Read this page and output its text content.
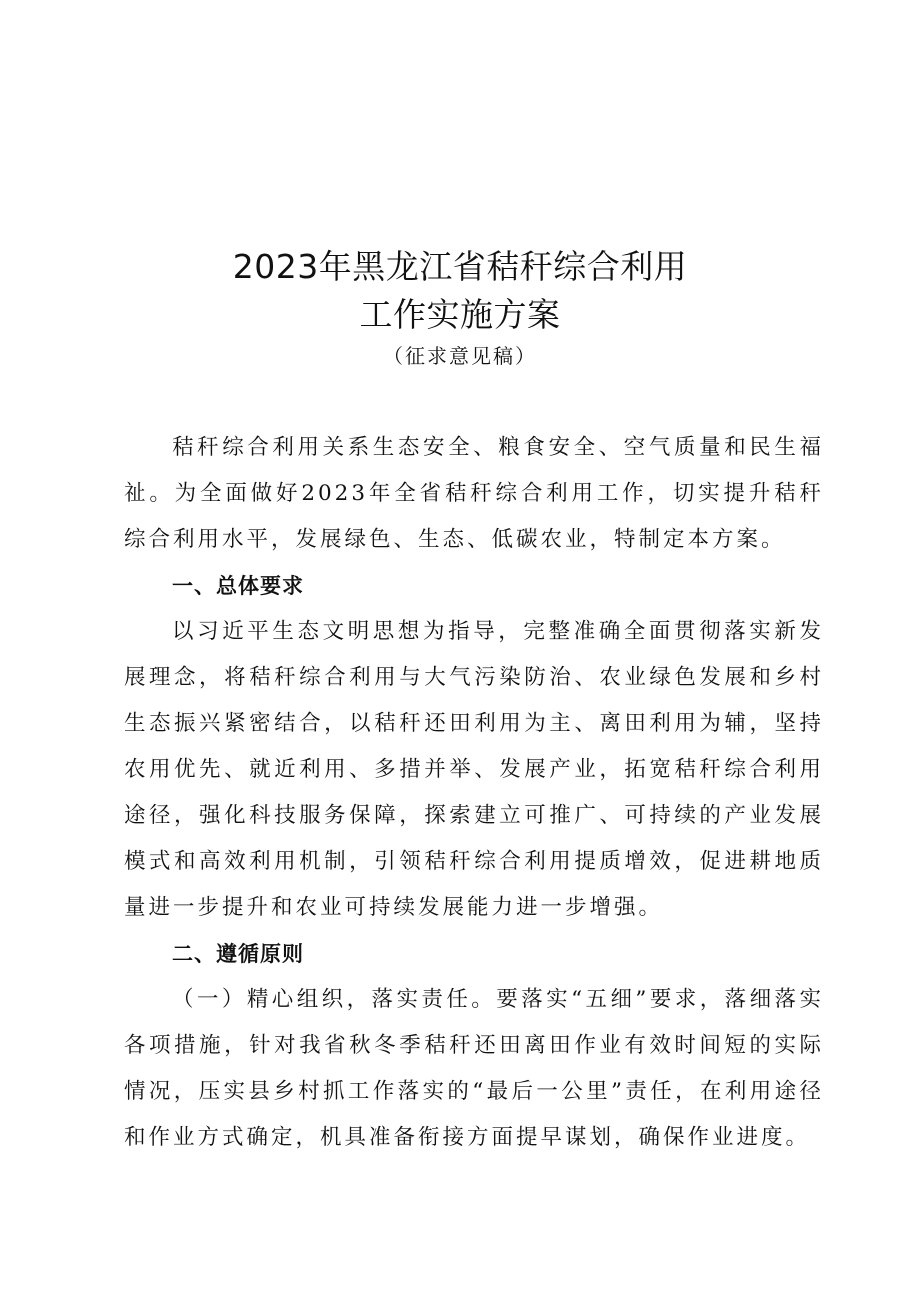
2023年黑龙江省秸秆综合利用
工作实施方案
（征求意见稿）

秸秆综合利用关系生态安全、粮食安全、空气质量和民生福祉。为全面做好2023年全省秸秆综合利用工作，切实提升秸秆综合利用水平，发展绿色、生态、低碳农业，特制定本方案。

一、总体要求

以习近平生态文明思想为指导，完整准确全面贯彻落实新发展理念，将秸秆综合利用与大气污染防治、农业绿色发展和乡村生态振兴紧密结合，以秸秆还田利用为主、离田利用为辅，坚持农用优先、就近利用、多措并举、发展产业，拓宽秸秆综合利用途径，强化科技服务保障，探索建立可推广、可持续的产业发展模式和高效利用机制，引领秸秆综合利用提质增效，促进耕地质量进一步提升和农业可持续发展能力进一步增强。

二、遵循原则

（一）精心组织，落实责任。要落实“五细”要求，落细落实各项措施，针对我省秋冬季秸秆还田离田作业有效时间短的实际情况，压实县乡村抓工作落实的“最后一公里”责任，在利用途径和作业方式确定，机具准备衔接方面提早谋划，确保作业进度。
